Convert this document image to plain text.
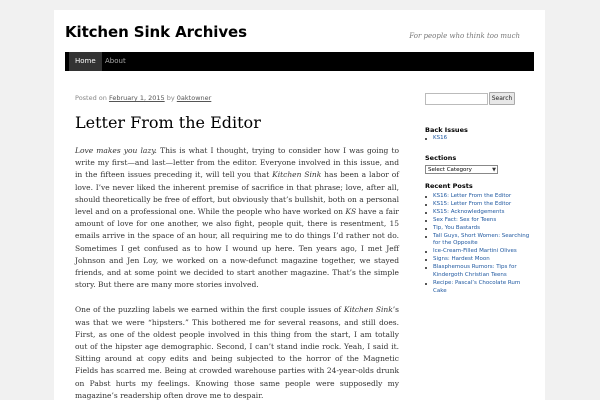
Kitchen Sink Archives	For people who think too much
Home	About
Posted on February 1, 2015 by 0aktowner
Letter From the Editor

Love makes you lazy. This is what I thought, trying to consider how I was going to write my first—and last—letter from the editor. Everyone involved in this issue, and in the fifteen issues preceding it, will tell you that Kitchen Sink has been a labor of love. I’ve never liked the inherent premise of sacrifice in that phrase; love, after all, should theoretically be free of effort, but obviously that’s bullshit, both on a personal level and on a professional one. While the people who have worked on KS have a fair amount of love for one another, we also fight, people quit, there is resentment, 15 emails arrive in the space of an hour, all requiring me to do things I’d rather not do. Sometimes I get confused as to how I wound up here. Ten years ago, I met Jeff Johnson and Jen Loy, we worked on a now-defunct magazine together, we stayed friends, and at some point we decided to start another magazine. That’s the simple story. But there are many more stories involved.

One of the puzzling labels we earned within the first couple issues of Kitchen Sink’s was that we were “hipsters.” This bothered me for several reasons, and still does. First, as one of the oldest people involved in this thing from the start, I am totally out of the hipster age demographic. Second, I can’t stand indie rock. Yeah, I said it. Sitting around at copy edits and being subjected to the horror of the Magnetic Fields has scarred me. Being at crowded warehouse parties with 24-year-olds drunk on Pabst hurts my feelings. Knowing those same people were supposedly my magazine’s readership often drove me to despair.

Search
Back Issues
KS16
Sections
Select Category	▼
Recent Posts
KS16: Letter From the Editor
KS15: Letter From the Editor
KS15: Acknowledgements
Sex Fact: Sex for Teens
Tip, You Bastards
Tall Guys, Short Women: Searching for the Opposite
Ice-Cream-Filled Martini Olives
Signs: Hardest Moon
Blasphemous Rumors: Tips for Kindergoth Christian Teens
Recipe: Pascal’s Chocolate Rum Cake
